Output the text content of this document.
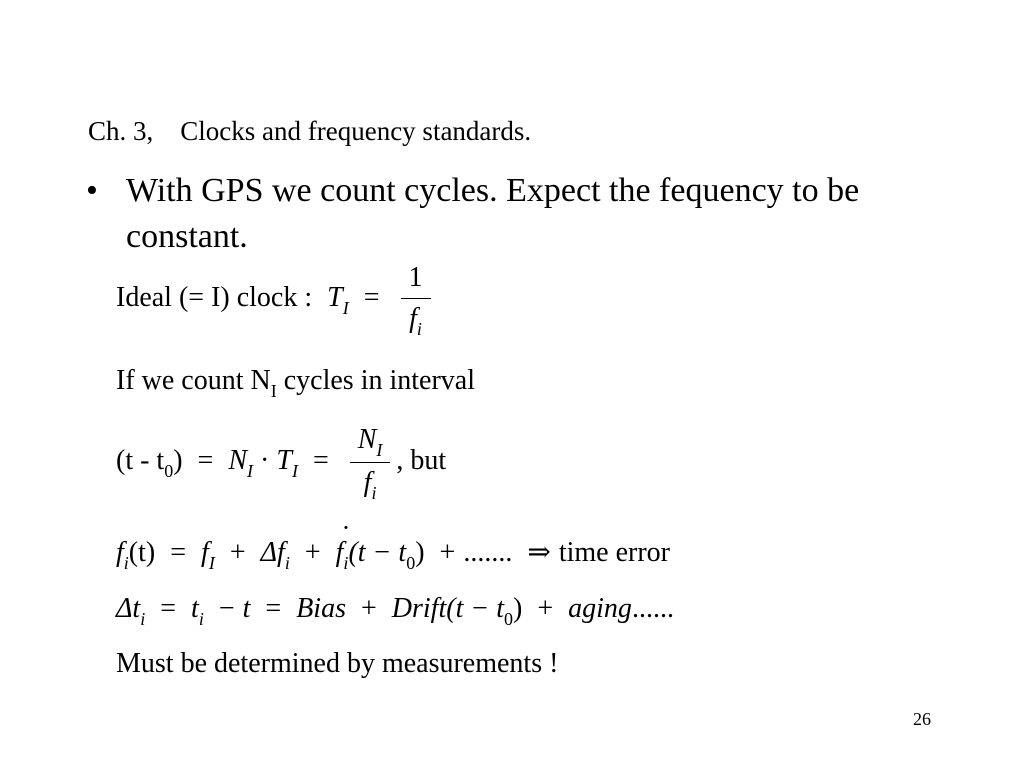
Ch. 3, Clocks and frequency standards.
• With GPS we count cycles. Expect the fequency to be constant.
Ideal (= I) clock : $T_I = \frac{1}{f_i}$
If we count $N_I$ cycles in interval
$(t - t_0) = N_I \cdot T_I = \frac{N_I}{f_i}$ , but
$f_i(t) = f_I + \Delta f_i$ +
·
$f_i(t - t_0)$ + ....... ⇒ time error
$\Delta t_i = t_i - t$ = Bias + Drift(t − $t_0$) + aging......
Must be determined by measurements !
26
